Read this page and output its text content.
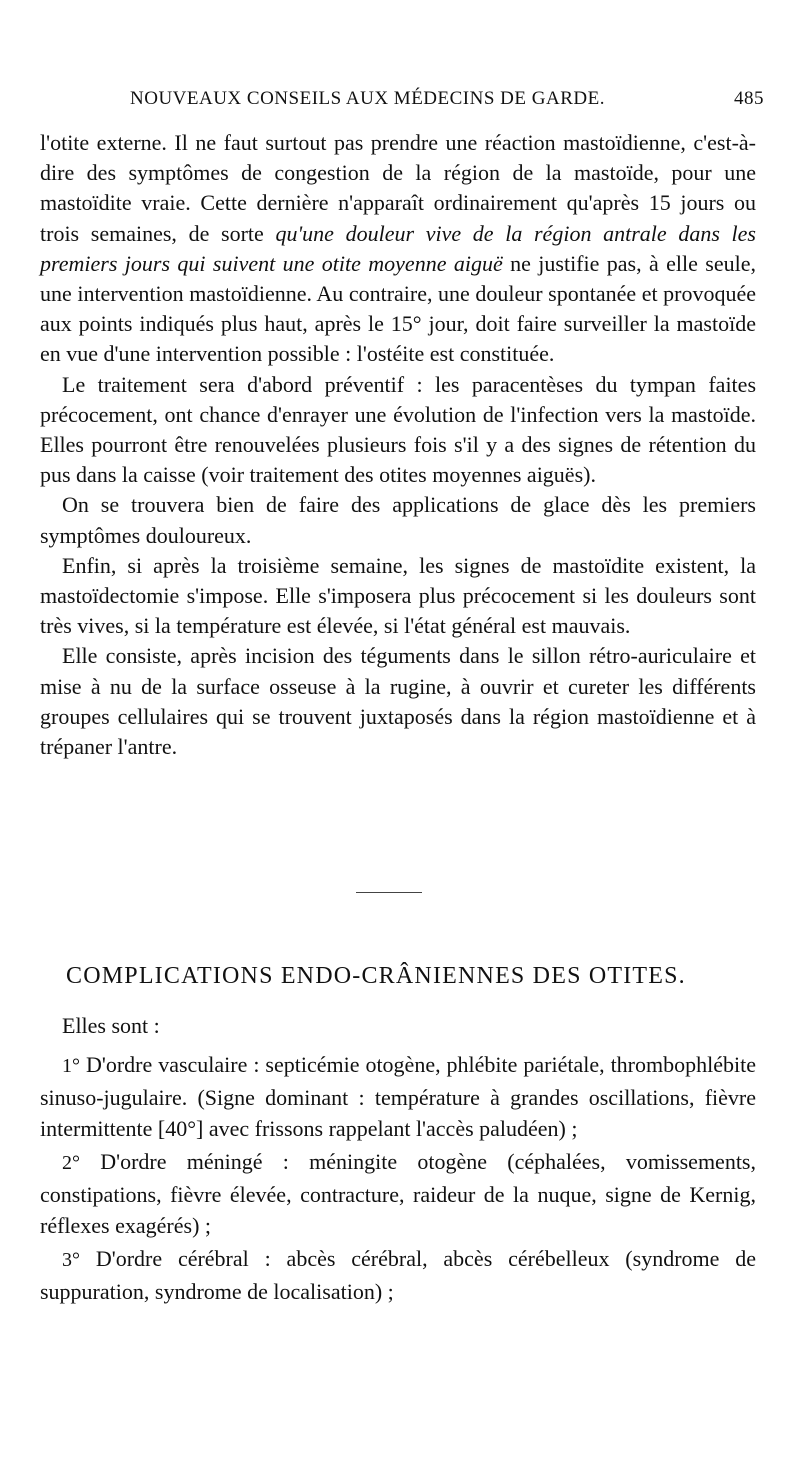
NOUVEAUX CONSEILS AUX MÉDECINS DE GARDE.	485

l'otite externe. Il ne faut surtout pas prendre une réaction mastoïdienne, c'est-à-dire des symptômes de congestion de la région de la mastoïde, pour une mastoïdite vraie. Cette dernière n'apparaît ordinairement qu'après 15 jours ou trois semaines, de sorte qu'une douleur vive de la région antrale dans les premiers jours qui suivent une otite moyenne aiguë ne justifie pas, à elle seule, une intervention mastoïdienne. Au contraire, une douleur spontanée et provoquée aux points indiqués plus haut, après le 15° jour, doit faire surveiller la mastoïde en vue d'une intervention possible : l'ostéite est constituée.

Le traitement sera d'abord préventif : les paracentèses du tympan faites précocement, ont chance d'enrayer une évolution de l'infection vers la mastoïde. Elles pourront être renouvelées plusieurs fois s'il y a des signes de rétention du pus dans la caisse (voir traitement des otites moyennes aiguës).

On se trouvera bien de faire des applications de glace dès les premiers symptômes douloureux.

Enfin, si après la troisième semaine, les signes de mastoïdite existent, la mastoïdectomie s'impose. Elle s'imposera plus précocement si les douleurs sont très vives, si la température est élevée, si l'état général est mauvais.

Elle consiste, après incision des téguments dans le sillon rétro-auriculaire et mise à nu de la surface osseuse à la rugine, à ouvrir et cureter les différents groupes cellulaires qui se trouvent juxtaposés dans la région mastoïdienne et à trépaner l'antre.

COMPLICATIONS ENDO-CRÂNIENNES DES OTITES.

Elles sont :

1° D'ordre vasculaire : septicémie otogène, phlébite pariétale, thrombophlébite sinuso-jugulaire. (Signe dominant : température à grandes oscillations, fièvre intermittente [40°] avec frissons rappelant l'accès paludéen) ;

2° D'ordre méningé : méningite otogène (céphalées, vomissements, constipations, fièvre élevée, contracture, raideur de la nuque, signe de Kernig, réflexes exagérés) ;

3° D'ordre cérébral : abcès cérébral, abcès cérébelleux (syndrome de suppuration, syndrome de localisation) ;
